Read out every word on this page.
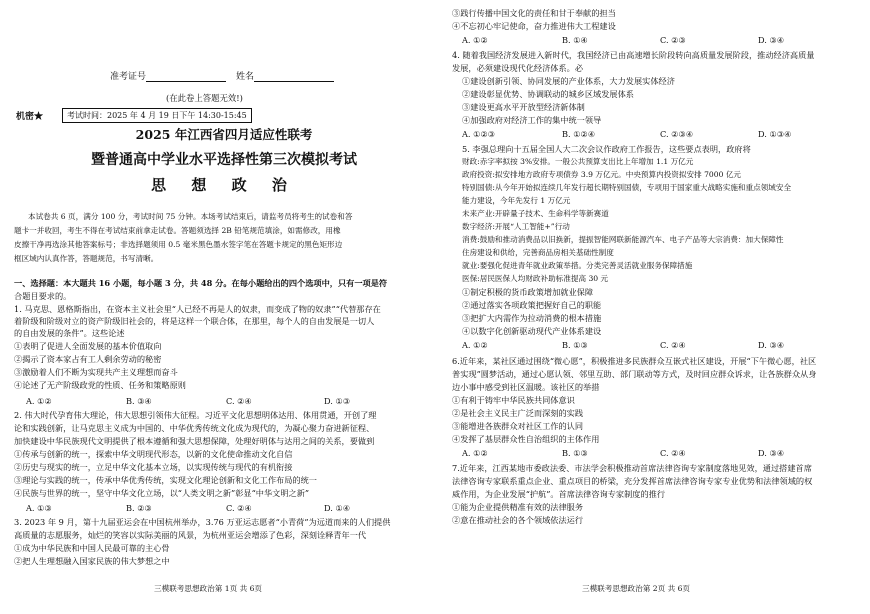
准考证号	姓名
(在此卷上答题无效!)
机密★	考试时间：2025 年 4 月 19 日下午 14:30-15:45
2025 年江西省四月适应性联考
暨普通高中学业水平选择性第三次模拟考试
思 想 政 治
本试卷共 6 页，满分 100 分，考试时间 75 分钟。本场考试结束后，请监考员将考生的试卷和答
题卡一并收回，考生不得在考试结束前拿走试卷。答题须选择 2B 铅笔规范填涂，如需修改，用橡
皮擦干净再选涂其他答案标号；非选择题须用 0.5 毫米黑色墨水签字笔在答题卡规定的黑色矩形边
框区域内认真作答，答题规范，书写清晰。
一、选择题：本大题共 16 小题，每小题 3 分，共 48 分。在每小题给出的四个选项中，只有一项是符
合题目要求的。
1. 马克思、恩格斯指出，在资本主义社会里“人已经不再是人的奴隶，而变成了物的奴隶”“代替那存在
着阶级和阶级对立的资产阶级旧社会的，将是这样一个联合体，在那里，每个人的自由发展是一切人
的自由发展的条件”。这些论述
①表明了促进人全面发展的基本价值取向
②揭示了资本家占有工人剩余劳动的秘密
③激励着人们不断为实现共产主义理想而奋斗
④论述了无产阶级政党的性质、任务和策略原则
A. ①②	B. ③④	C. ②④	D. ①③
2. 伟大时代孕育伟大理论，伟大思想引领伟大征程。习近平文化思想明体达用、体用贯通，开创了理
论和实践创新，让马克思主义成为中国的、中华优秀传统文化成为现代的，为凝心聚力奋进新征程、
加快建设中华民族现代文明提供了根本遵循和强大思想保障，处理好明体与达用之间的关系，要做到
①传承与创新的统一，探索中华文明现代形态，以新的文化使命推动文化自信
②历史与现实的统一，立足中华文化基本立场，以实现传统与现代的有机衔接
③理论与实践的统一，传承中华优秀传统，实现文化理论创新和文化工作布局的统一
④民族与世界的统一，坚守中华文化立场，以“人类文明之新”彰显“中华文明之新”
A. ①③	B. ②③	C. ②④	D. ①④
3. 2023 年 9 月，第十九届亚运会在中国杭州举办，3.76 万亚运志愿者“小青荷”为远道而来的人们提供
高质量的志愿服务，灿烂的笑容以实际美丽的风景，为杭州亚运会增添了色彩，深刻诠释青年一代
①成为中华民族和中国人民最可靠的主心骨
②把人生理想融入国家民族的伟大梦想之中
三模联考思想政治第 1页 共 6页
③践行传播中国文化的责任和甘于奉献的担当
④不忘初心牢记使命，奋力推进伟大工程建设
A. ①②	B. ①④	C. ②③	D. ③④
4. 随着我国经济发展进入新时代，我国经济已由高速增长阶段转向高质量发展阶段，推动经济高质量
发展，必须建设现代化经济体系。必
①建设创新引领、协同发展的产业体系，大力发展实体经济
②建设彰显优势、协调联动的城乡区域发展体系
③建设更高水平开放型经济新体制
④加强政府对经济工作的集中统一领导
A. ①②③	B. ①②④	C. ②③④	D. ①③④
5. 李强总理向十五届全国人大二次会议作政府工作报告，这些要点表明，政府将
财政:赤字率拟按 3%安排。一般公共预算支出比上年增加 1.1 万亿元
政府投资:拟安排地方政府专项债券 3.9 万亿元。中央预算内投资拟安排 7000 亿元
特别国债:从今年开始拟连续几年发行超长期特别国债，专项用于国家重大战略实施和重点领域安全
能力建设，今年先发行 1 万亿元
未来产业:开辟量子技术、生命科学等新赛道
数字经济:开展“人工智能+”行动
消费:鼓励和推动消费品以旧换新，提振智能网联新能源汽车、电子产品等大宗消费：加大保障性
住房建设和供给，完善商品房相关基础性制度
就业:要强化促进青年就业政策举措。分类完善灵活就业服务保障措施
医保:居民医保人均财政补助标准提高 30 元
①制定积极的货币政策增加就业保障
②通过落实各项政策把握好自己的职能
③把扩大内需作为拉动消费的根本措施
④以数字化创新驱动现代产业体系建设
A. ①②	B. ①③	C. ②④	D. ③④
6.近年来，某社区通过围绕“微心愿”，积极推进多民族群众互嵌式社区建设，开展“下午微心愿，社区
普实现”圆梦活动，通过心愿认领、邻里互助、部门联动等方式，及时回应群众诉求，让各族群众从身
边小事中感受到社区温暖。该社区的举措
①有利于铸牢中华民族共同体意识
②是社会主义民主广泛而深刻的实践
③能增进各族群众对社区工作的认同
④发挥了基层群众性自治组织的主体作用
A. ①②	B. ①③	C. ②④	D. ③④
7.近年来，江西某地市委政法委、市法学会积极推动首席法律咨询专家制度落地见效，通过搭建首席
法律咨询专家联系重点企业、重点项目的桥梁，充分发挥首席法律咨询专家专业优势和法律领域的权
威作用，为企业发展“护航”。首席法律咨询专家制度的推行
①能为企业提供精准有效的法律服务
②意在推动社会的各个领域依法运行
三模联考思想政治第 2页 共 6页
